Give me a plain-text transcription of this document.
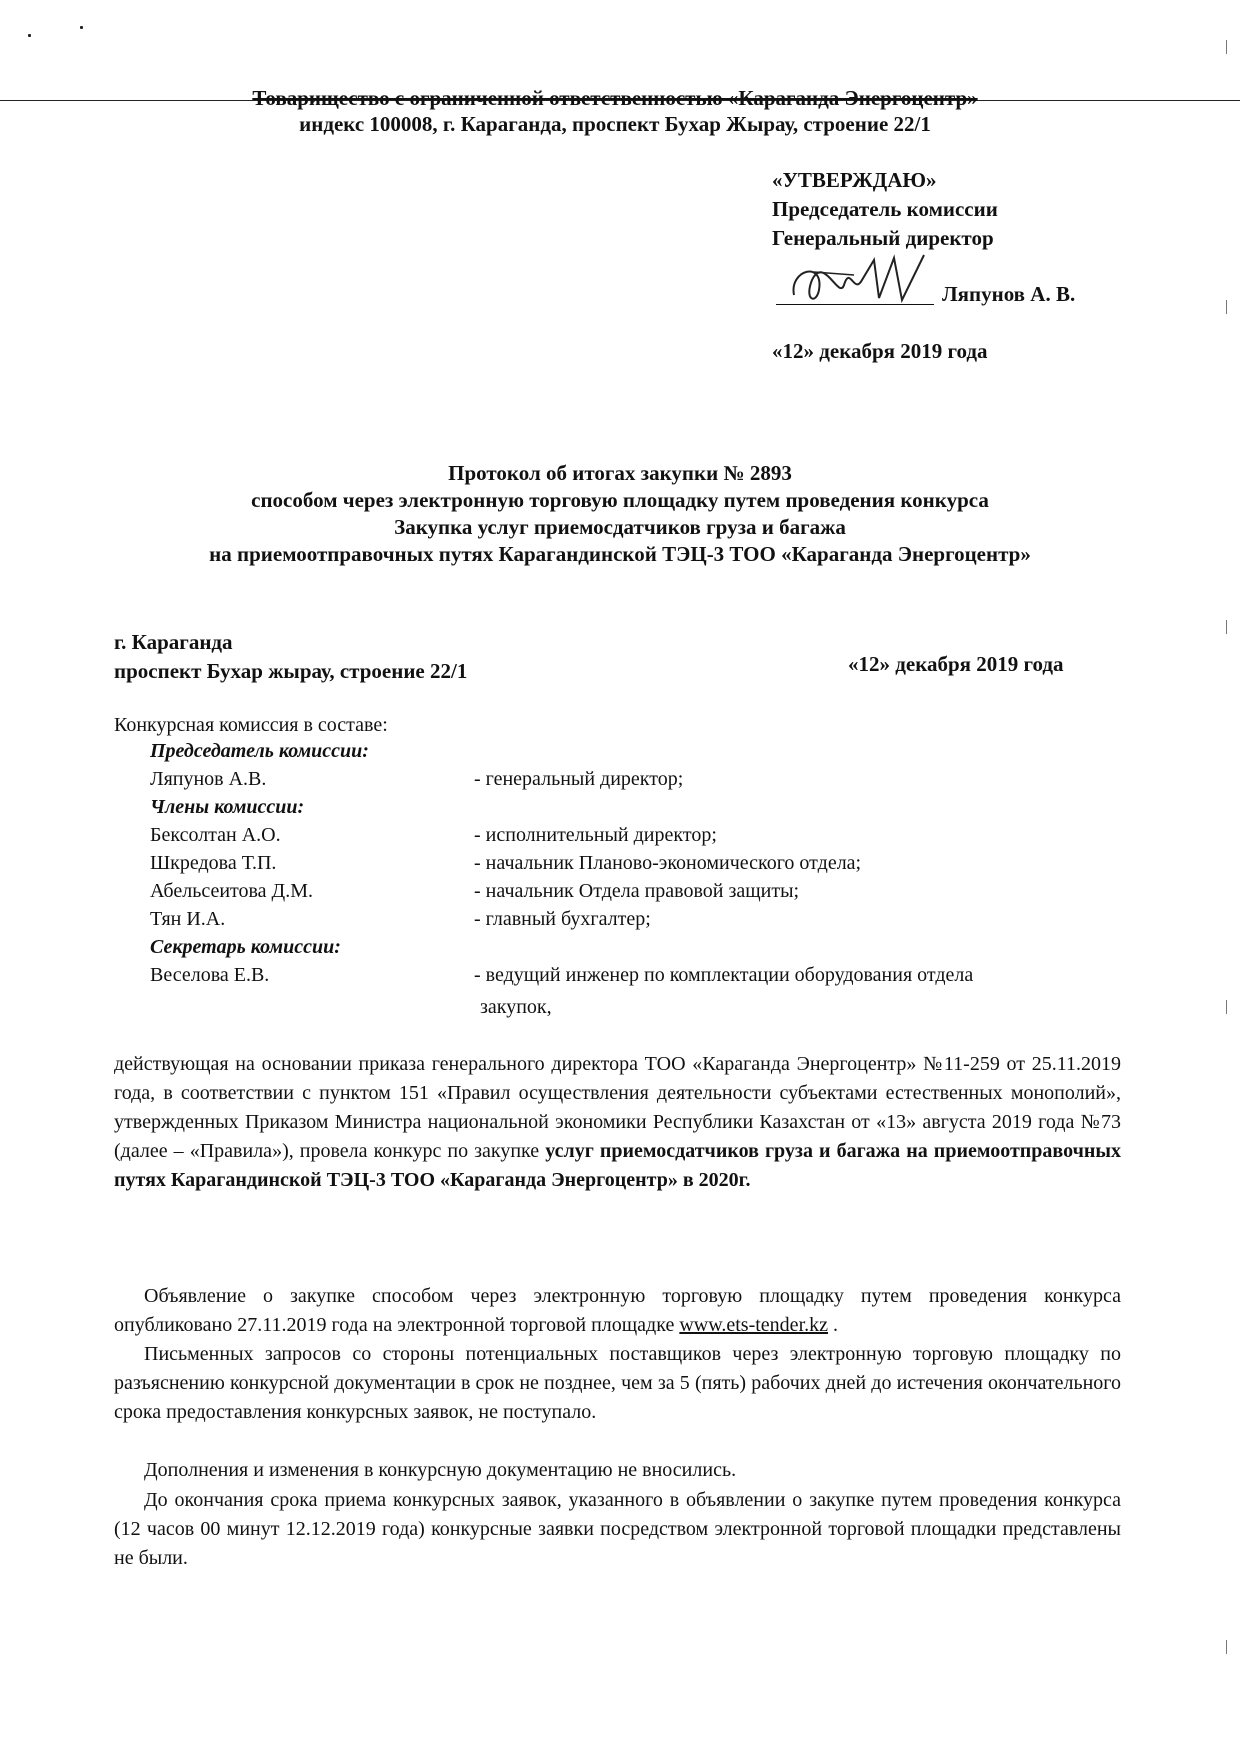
Товарищество с ограниченной ответственностью «Караганда Энергоцентр»
индекс 100008, г. Караганда, проспект Бухар Жырау, строение 22/1
«УТВЕРЖДАЮ»
Председатель комиссии
Генеральный директор
Ляпунов А. В.
«12» декабря 2019 года
Протокол об итогах закупки № 2893
способом через электронную торговую площадку путем проведения конкурса
Закупка услуг приемосдатчиков груза и багажа
на приемоотправочных путях Карагандинской ТЭЦ-3 ТОО «Караганда Энергоцентр»
г. Караганда
проспект Бухар жырау, строение 22/1	«12» декабря 2019 года
Конкурсная комиссия в составе:
Председатель комиссии:
Ляпунов А.В.	- генеральный директор;
Члены комиссии:
Бексолтан А.О.	- исполнительный директор;
Шкредова Т.П.	- начальник Планово-экономического отдела;
Абельсеитова Д.М.	- начальник Отдела правовой защиты;
Тян И.А.	- главный бухгалтер;
Секретарь комиссии:
Веселова Е.В.	- ведущий инженер по комплектации оборудования отдела
закупок,
действующая на основании приказа генерального директора ТОО «Караганда Энергоцентр» №11-259 от 25.11.2019 года, в соответствии с пунктом 151 «Правил осуществления деятельности субъектами естественных монополий», утвержденных Приказом Министра национальной экономики Республики Казахстан от «13» августа 2019 года №73 (далее – «Правила»), провела конкурс по закупке услуг приемосдатчиков груза и багажа на приемоотправочных путях Карагандинской ТЭЦ-3 ТОО «Караганда Энергоцентр» в 2020г.
Объявление о закупке способом через электронную торговую площадку путем проведения конкурса опубликовано 27.11.2019 года на электронной торговой площадке www.ets-tender.kz .
Письменных запросов со стороны потенциальных поставщиков через электронную торговую площадку по разъяснению конкурсной документации в срок не позднее, чем за 5 (пять) рабочих дней до истечения окончательного срока предоставления конкурсных заявок, не поступало.
Дополнения и изменения в конкурсную документацию не вносились.
До окончания срока приема конкурсных заявок, указанного в объявлении о закупке путем проведения конкурса (12 часов 00 минут 12.12.2019 года) конкурсные заявки посредством электронной торговой площадки представлены не были.
